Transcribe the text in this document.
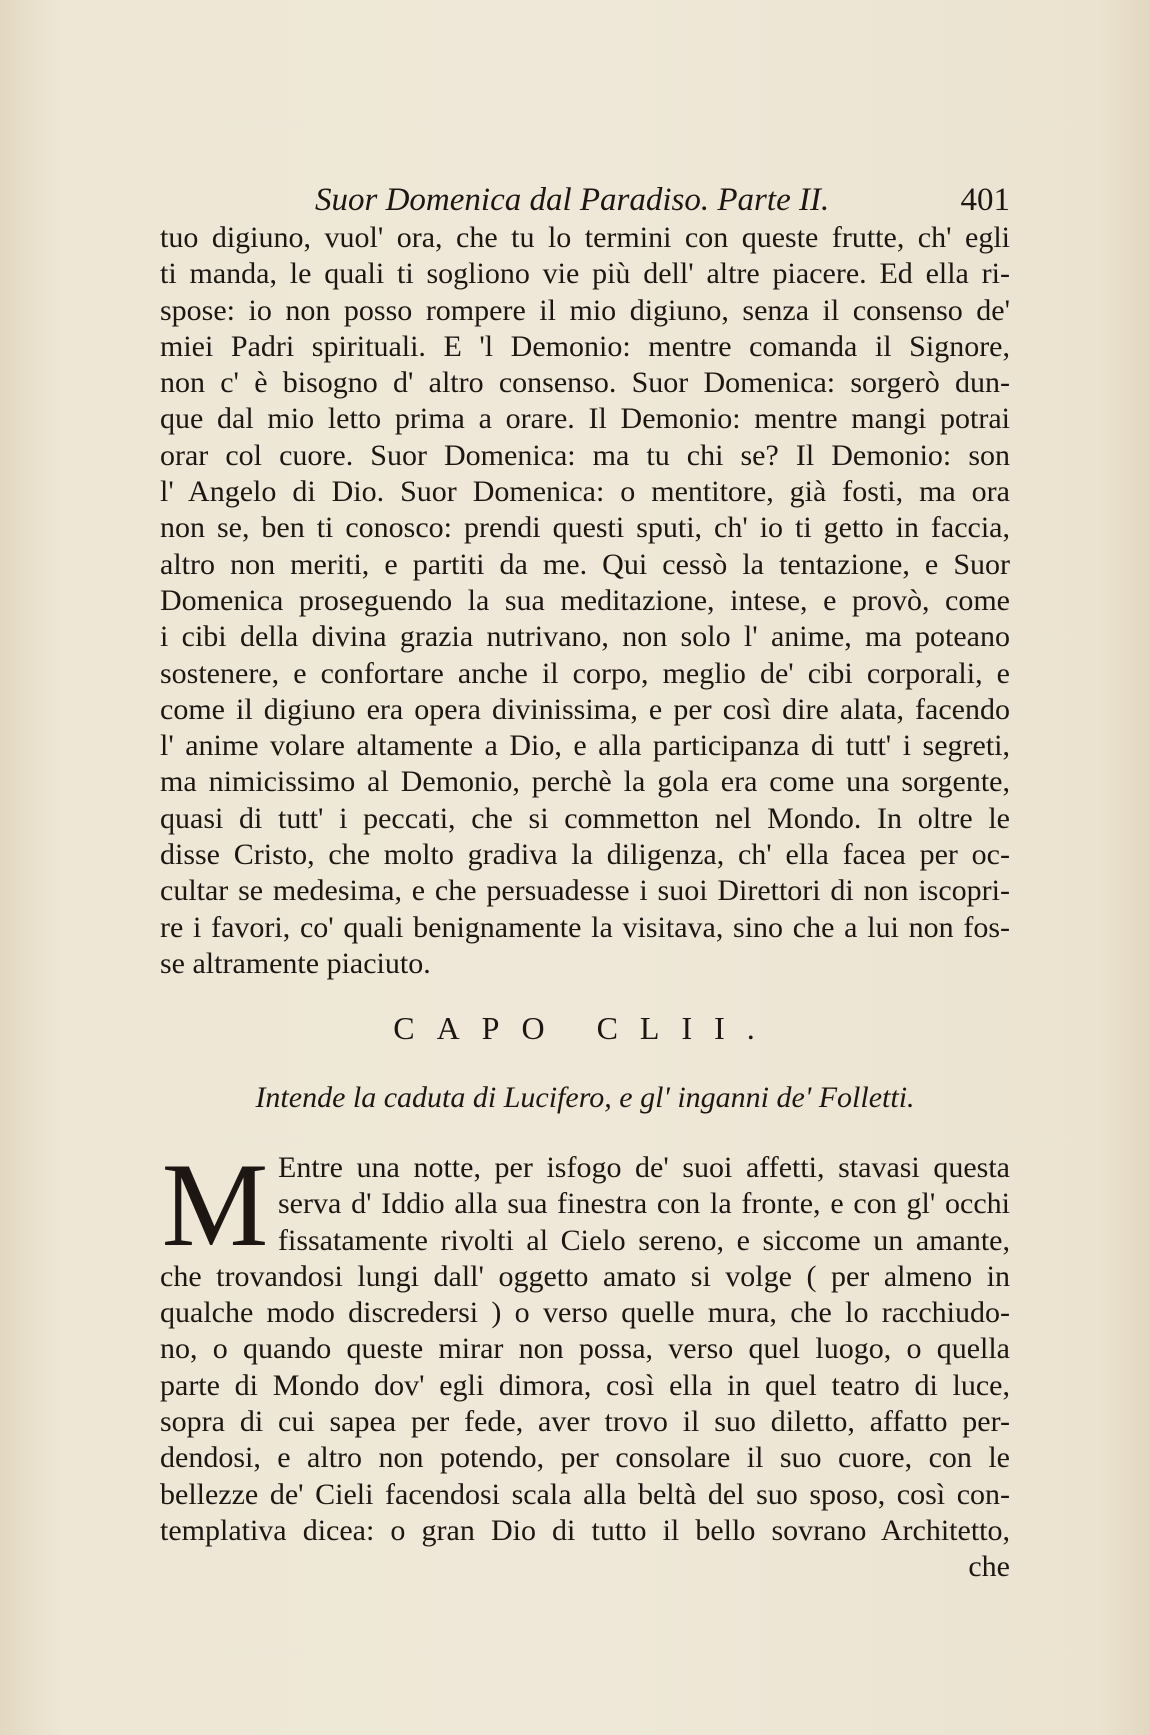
Suor Domenica dal Paradiso. Parte II.	401
tuo digiuno, vuol' ora, che tu lo termini con queste frutte, ch' egli
ti manda, le quali ti sogliono vie più dell' altre piacere. Ed ella ri-
spose: io non posso rompere il mio digiuno, senza il consenso de'
miei Padri spirituali. E 'l Demonio: mentre comanda il Signore,
non c' è bisogno d' altro consenso. Suor Domenica: sorgerò dun-
que dal mio letto prima a orare. Il Demonio: mentre mangi potrai
orar col cuore. Suor Domenica: ma tu chi se? Il Demonio: son
l' Angelo di Dio. Suor Domenica: o mentitore, già fosti, ma ora
non se, ben ti conosco: prendi questi sputi, ch' io ti getto in faccia,
altro non meriti, e partiti da me. Qui cessò la tentazione, e Suor
Domenica proseguendo la sua meditazione, intese, e provò, come
i cibi della divina grazia nutrivano, non solo l' anime, ma poteano
sostenere, e confortare anche il corpo, meglio de' cibi corporali, e
come il digiuno era opera divinissima, e per così dire alata, facendo
l' anime volare altamente a Dio, e alla participanza di tutt' i segreti,
ma nimicissimo al Demonio, perchè la gola era come una sorgente,
quasi di tutt' i peccati, che si commetton nel Mondo. In oltre le
disse Cristo, che molto gradiva la diligenza, ch' ella facea per oc-
cultar se medesima, e che persuadesse i suoi Direttori di non iscopri-
re i favori, co' quali benignamente la visitava, sino che a lui non fos-
se altramente piaciuto.
CAPO CLII.
Intende la caduta di Lucifero, e gl' inganni de' Folletti.
M Entre una notte, per isfogo de' suoi affetti, stavasi questa
serva d' Iddio alla sua finestra con la fronte, e con gl' occhi
fissatamente rivolti al Cielo sereno, e siccome un amante,
che trovandosi lungi dall' oggetto amato si volge ( per almeno in
qualche modo discredersi ) o verso quelle mura, che lo racchiudo-
no, o quando queste mirar non possa, verso quel luogo, o quella
parte di Mondo dov' egli dimora, così ella in quel teatro di luce,
sopra di cui sapea per fede, aver trovo il suo diletto, affatto per-
dendosi, e altro non potendo, per consolare il suo cuore, con le
bellezze de' Cieli facendosi scala alla beltà del suo sposo, così con-
templativa dicea: o gran Dio di tutto il bello sovrano Architetto,
che
